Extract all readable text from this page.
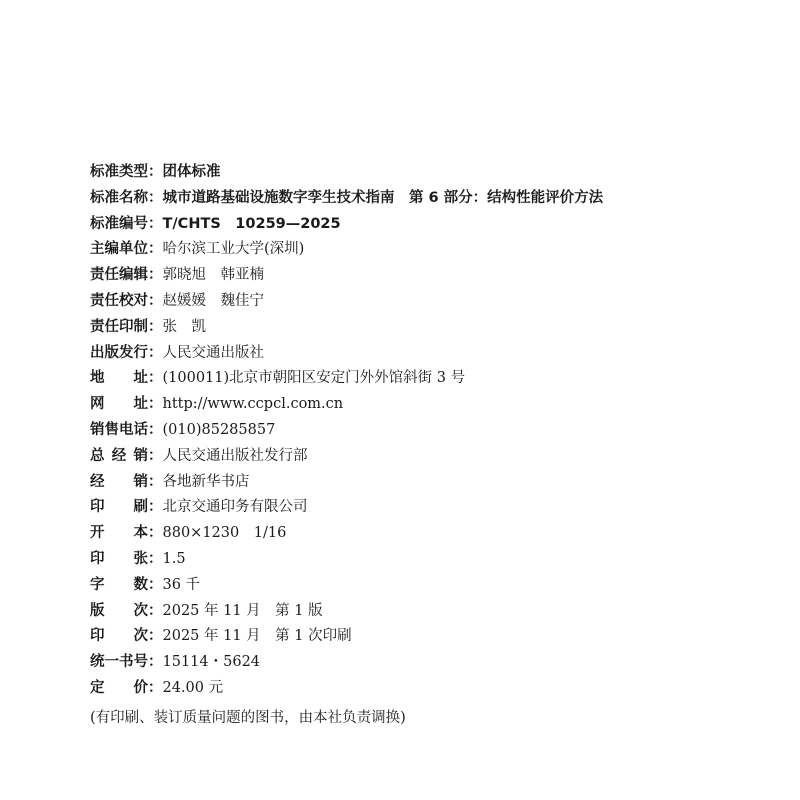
标准类型：团体标准
标准名称：城市道路基础设施数字孪生技术指南　第 6 部分：结构性能评价方法
标准编号：T/CHTS　10259—2025
主编单位：哈尔滨工业大学(深圳)
责任编辑：郭晓旭　韩亚楠
责任校对：赵媛媛　魏佳宁
责任印制：张　凯
出版发行：人民交通出版社
地址：(100011)北京市朝阳区安定门外外馆斜街 3 号
网址：http://www.ccpcl.com.cn
销售电话：(010)85285857
总经销：人民交通出版社发行部
经销：各地新华书店
印刷：北京交通印务有限公司
开本：880×1230　1/16
印张：1.5
字数：36 千
版次：2025 年 11 月　第 1 版
印次：2025 年 11 月　第 1 次印刷
统一书号：15114・5624
定价：24.00 元
(有印刷、装订质量问题的图书，由本社负责调换)
